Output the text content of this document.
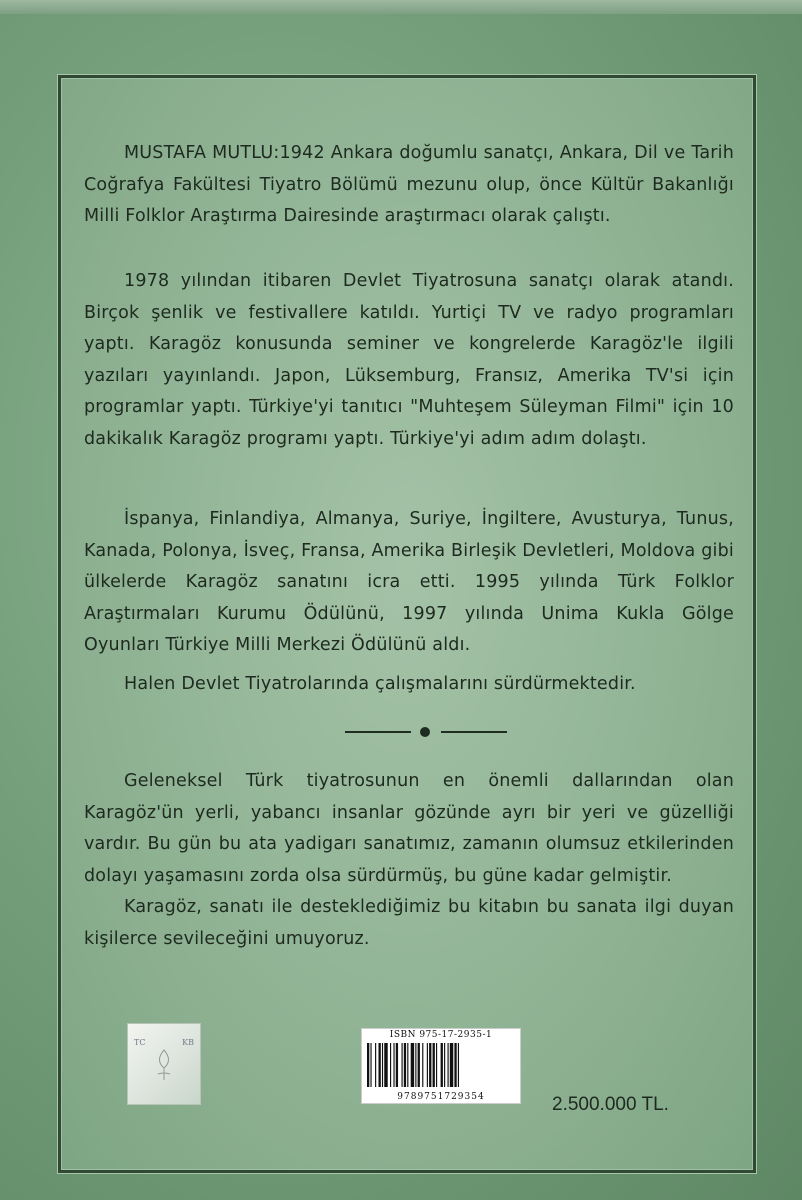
MUSTAFA MUTLU:1942 Ankara doğumlu sanatçı, Ankara, Dil ve Tarih Coğrafya Fakültesi Tiyatro Bölümü mezunu olup, önce Kültür Bakanlığı Milli Folklor Araştırma Dairesinde araştırmacı olarak çalıştı.

1978 yılından itibaren Devlet Tiyatrosuna sanatçı olarak atandı. Birçok şenlik ve festivallere katıldı. Yurtiçi TV ve radyo programları yaptı. Karagöz konusunda seminer ve kongrelerde Karagöz'le ilgili yazıları yayınlandı. Japon, Lüksemburg, Fransız, Amerika TV'si için programlar yaptı. Türkiye'yi tanıtıcı "Muhteşem Süleyman Filmi" için 10 dakikalık Karagöz programı yaptı. Türkiye'yi adım adım dolaştı.

İspanya, Finlandiya, Almanya, Suriye, İngiltere, Avusturya, Tunus, Kanada, Polonya, İsveç, Fransa, Amerika Birleşik Devletleri, Moldova gibi ülkelerde Karagöz sanatını icra etti. 1995 yılında Türk Folklor Araştırmaları Kurumu Ödülünü, 1997 yılında Unima Kukla Gölge Oyunları Türkiye Milli Merkezi Ödülünü aldı.

Halen Devlet Tiyatrolarında çalışmalarını sürdürmektedir.

Geleneksel Türk tiyatrosunun en önemli dallarından olan Karagöz'ün yerli, yabancı insanlar gözünde ayrı bir yeri ve güzelliği vardır. Bu gün bu ata yadigarı sanatımız, zamanın olumsuz etkilerinden dolayı yaşamasını zorda olsa sürdürmüş, bu güne kadar gelmiştir.

Karagöz, sanatı ile desteklediğimiz bu kitabın bu sanata ilgi duyan kişilerce sevileceğini umuyoruz.

TC	KB
ISBN 975-17-2935-1
9789751729354	2.500.000 TL.
